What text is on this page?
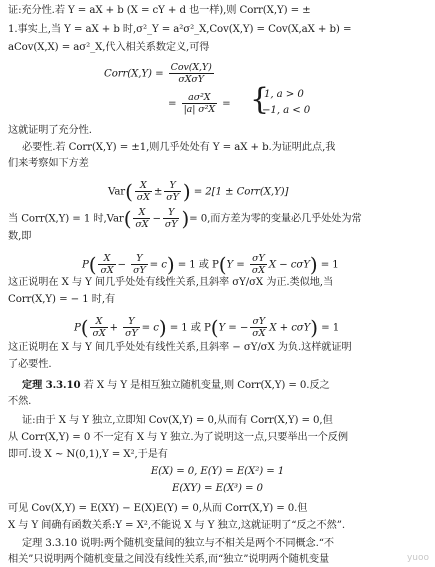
证:充分性.若 Y = aX + b (X = cY + d 也一样),则 Corr(X,Y) = ±
1.事实上,当 Y = aX + b 时,σ²_Y = a²σ²_X,Cov(X,Y) = Cov(X,aX + b) =
aCov(X,X) = aσ²_X,代入相关系数定义,可得
Corr(X,Y) = $\frac{\text{Cov(X,Y)}}{\text{σXσY}}$
= $\frac{\text{aσ²X}}{\text{|a| σ²X}}$ = {
1, a > 0
−1, a < 0
这就证明了充分性.
必要性.若 Corr(X,Y) = ±1,则几乎处处有 Y = aX + b.为证明此点,我
们来考察如下方差
$Var( \frac{X}{\sigma X} \pm \frac{Y}{\sigma Y}$ ) = 2[1 ± Corr(X,Y)]
当 Corr(X,Y) = 1 时$,Var( \frac{X}{\sigma X} - \frac{Y}{\sigma Y}$ )= 0,而方差为零的变量必几乎处处为常
数,即
$P( \frac{X}{\sigma X} - \frac{Y}{\sigma Y} = c) = 1$ 或 $P(Y = \frac{\sigma Y}{\sigma X}$ X − cσY) = 1
这正说明在 X 与 Y 间几乎处处有线性关系,且斜率 σY/σX 为正.类似地,当
Corr(X,Y) = − 1 时,有
$P( \frac{X}{\sigma X} + \frac{Y}{\sigma Y} = c) = 1$ 或 P(Y = − $\frac{\sigma Y}{\sigma X}$ X + cσY) = 1
这正说明在 X 与 Y 间几乎处处有线性关系,且斜率 − σY/σX 为负.这样就证明
了必要性.
定理 3.3.10 若 X 与 Y 是相互独立随机变量,则 Corr(X,Y) = 0.反之
不然.
证:由于 X 与 Y 独立,立即知 Cov(X,Y) = 0,从而有 Corr(X,Y) = 0,但
从 Corr(X,Y) = 0 不一定有 X 与 Y 独立.为了说明这一点,只要举出一个反例
即可.设 X ~ N(0,1),Y = X²,于是有
E(X) = 0, E(Y) = E(X²) = 1
E(XY) = E(X³) = 0
可见 Cov(X,Y) = E(XY) − E(X)E(Y) = 0,从而 Corr(X,Y) = 0.但
X 与 Y 间确有函数关系:Y = X²,不能说 X 与 Y 独立,这就证明了“反之不然”.
定理 3.3.10 说明:两个随机变量间的独立与不相关是两个不同概念.“不
相关”只说明两个随机变量之间没有线性关系,而“独立”说明两个随机变量	yuoo
